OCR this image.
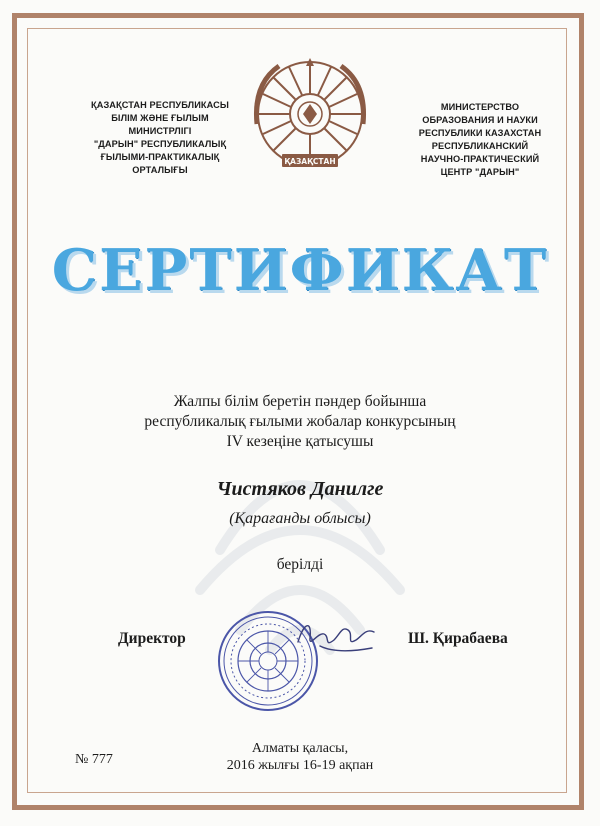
ҚАЗАҚСТАН РЕСПУБЛИКАСЫ
БІЛІМ ЖӘНЕ ҒЫЛЫМ
МИНИСТРЛІГІ
"ДАРЫН" РЕСПУБЛИКАЛЫҚ
ҒЫЛЫМИ-ПРАКТИКАЛЫҚ
ОРТАЛЫҒЫ
ҚАЗАҚСТАН
МИНИСТЕРСТВО
ОБРАЗОВАНИЯ И НАУКИ
РЕСПУБЛИКИ КАЗАХСТАН
РЕСПУБЛИКАНСКИЙ
НАУЧНО-ПРАКТИЧЕСКИЙ
ЦЕНТР "ДАРЫН"
СЕРТИФИКАТ
Жалпы білім беретін пәндер бойынша
республикалық ғылыми жобалар конкурсының
IV кезеңіне қатысушы
Чистяков Данилге
(Қарағанды облысы)
берілді
Директор	Ш. Қирабаева
№ 777
Алматы қаласы,
2016 жылғы 16-19 ақпан
